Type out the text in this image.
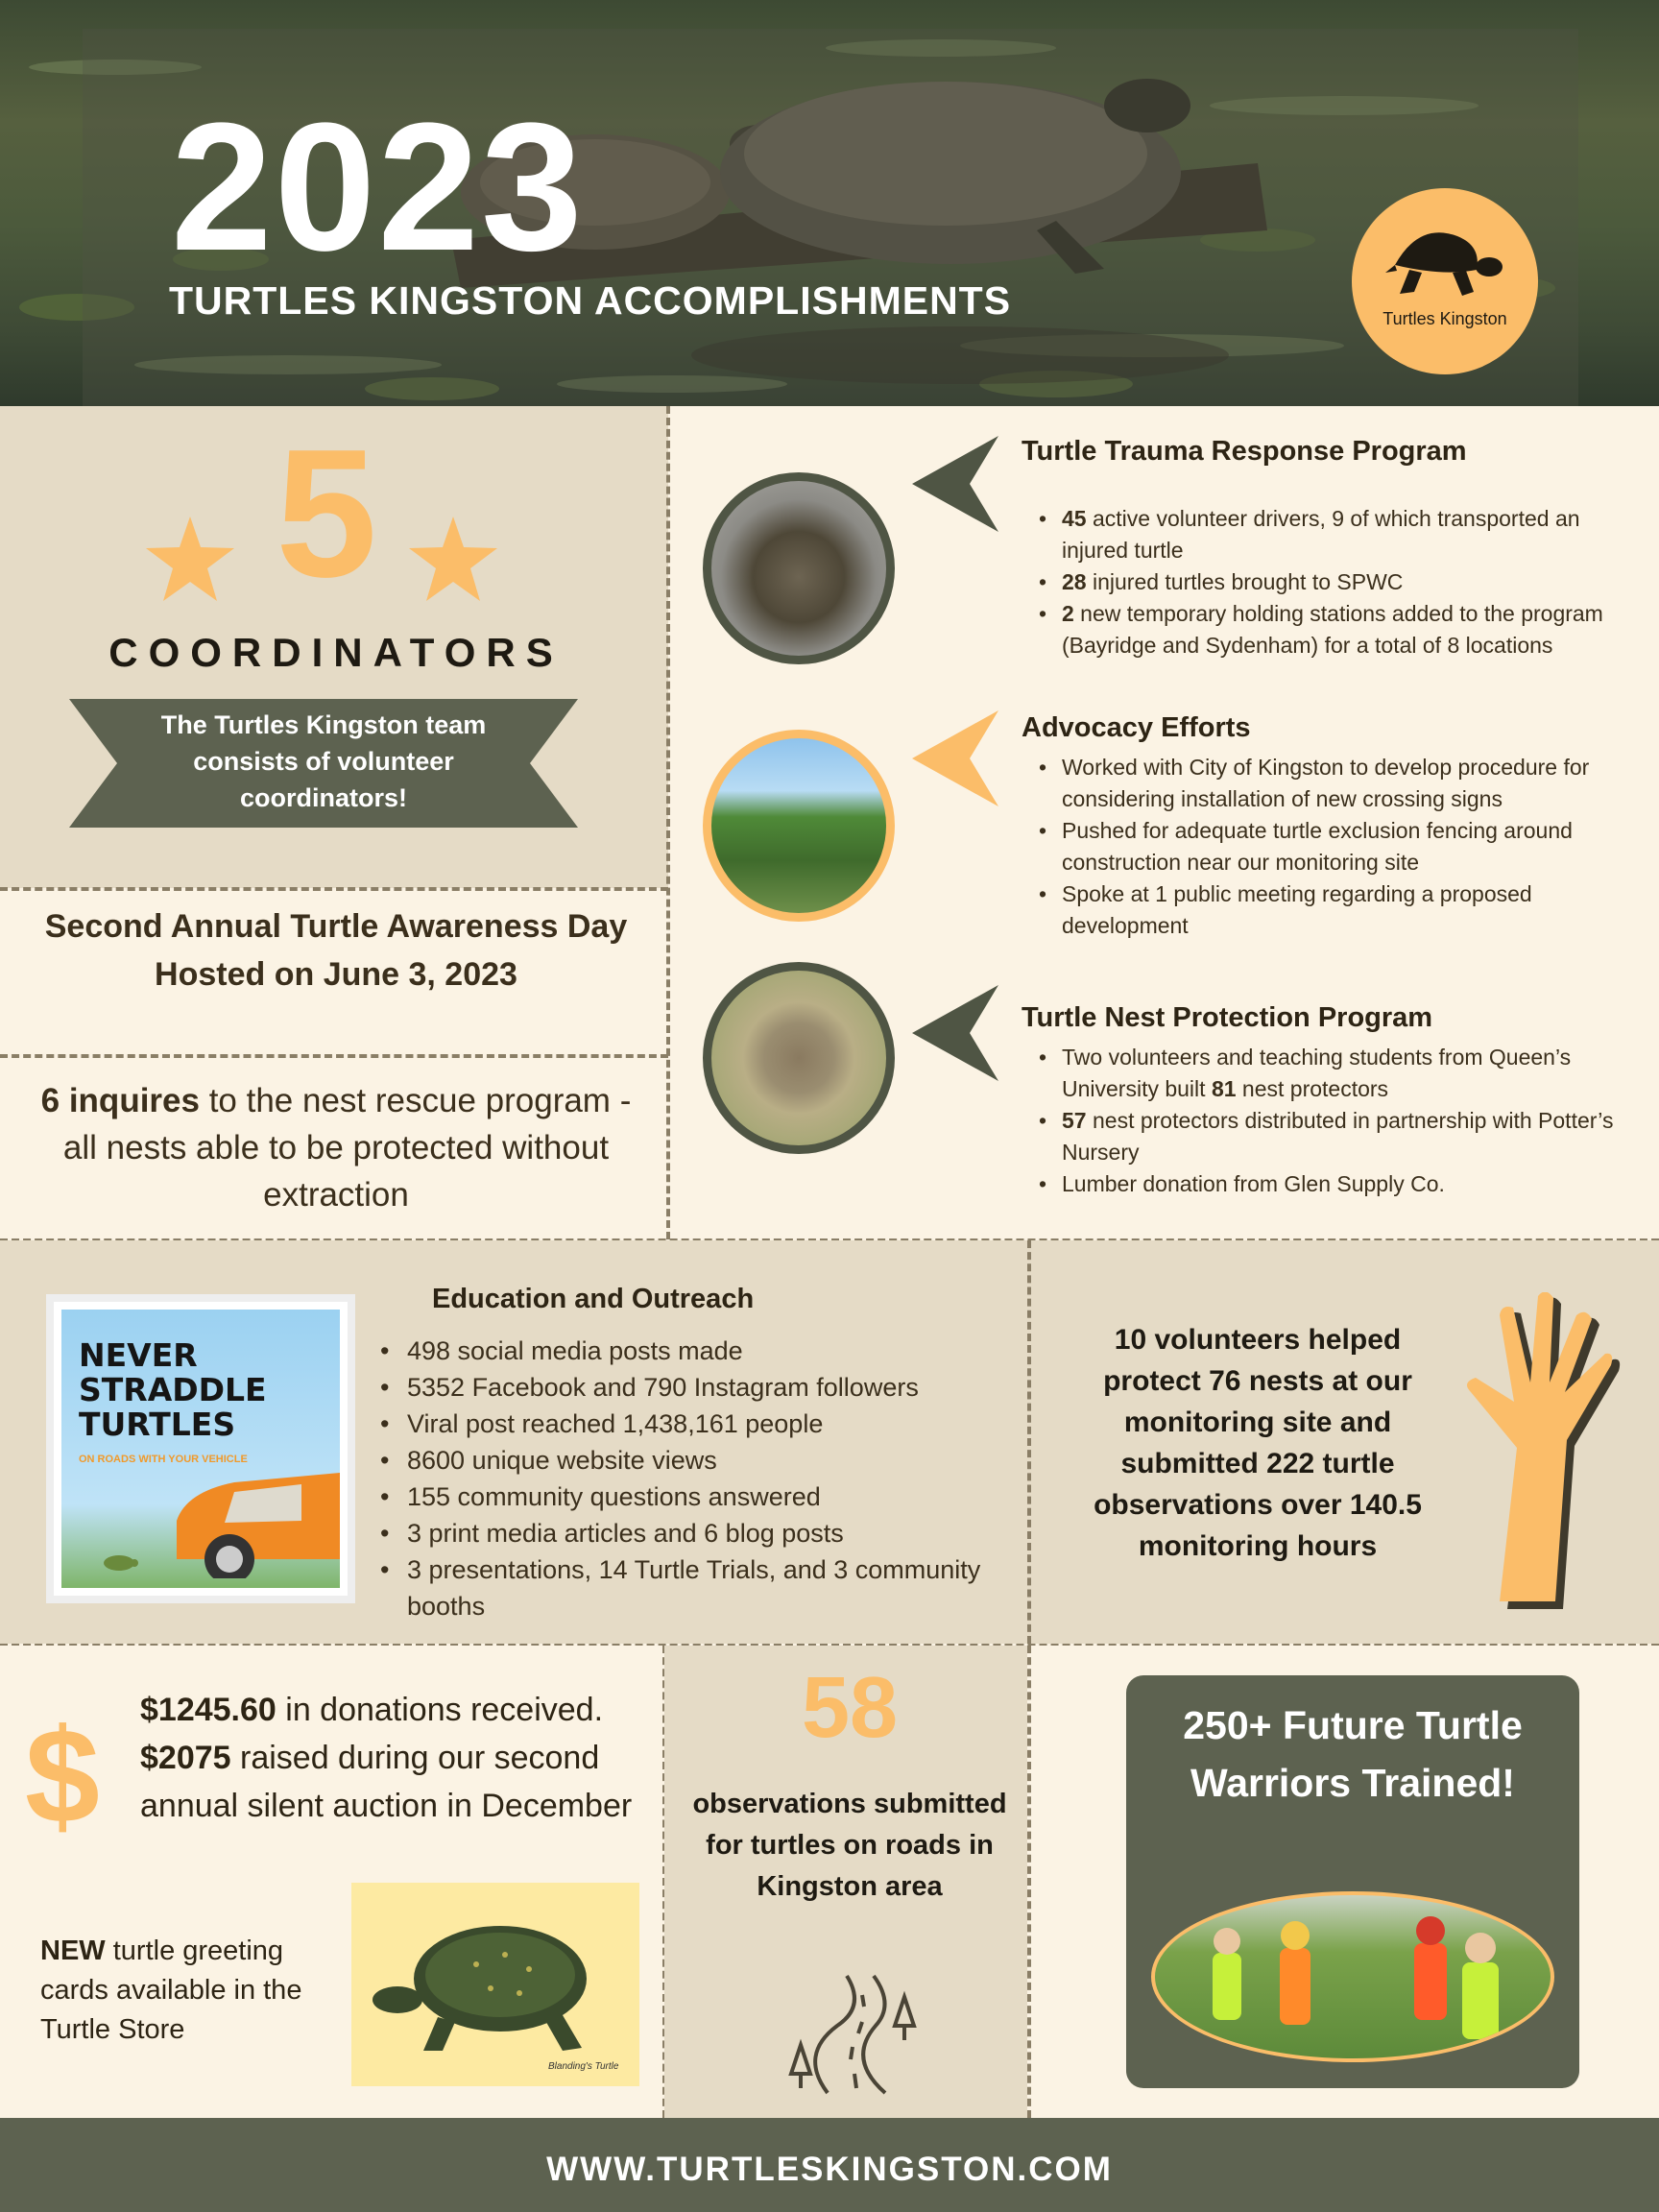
2023
TURTLES KINGSTON ACCOMPLISHMENTS	Turtles Kingston
5
COORDINATORS
The Turtles Kingston team consists of volunteer coordinators!
Second Annual Turtle Awareness Day Hosted on June 3, 2023
6 inquires to the nest rescue program - all nests able to be protected without extraction
Turtle Trauma Response Program
• 45 active volunteer drivers, 9 of which transported an injured turtle
• 28 injured turtles brought to SPWC
• 2 new temporary holding stations added to the program (Bayridge and Sydenham) for a total of 8 locations
Advocacy Efforts
• Worked with City of Kingston to develop procedure for considering installation of new crossing signs
• Pushed for adequate turtle exclusion fencing around construction near our monitoring site
• Spoke at 1 public meeting regarding a proposed development
Turtle Nest Protection Program
• Two volunteers and teaching students from Queen’s University built 81 nest protectors
• 57 nest protectors distributed in partnership with Potter’s Nursery
• Lumber donation from Glen Supply Co.
NEVER
STRADDLE
TURTLES
ON ROADS WITH YOUR VEHICLE
Education and Outreach
• 498 social media posts made
• 5352 Facebook and 790 Instagram followers
• Viral post reached 1,438,161 people
• 8600 unique website views
• 155 community questions answered
• 3 print media articles and 6 blog posts
• 3 presentations, 14 Turtle Trials, and 3 community booths
10 volunteers helped protect 76 nests at our monitoring site and submitted 222 turtle observations over 140.5 monitoring hours
$ $1245.60 in donations received. $2075 raised during our second annual silent auction in December
NEW turtle greeting cards available in the Turtle Store
Blanding's Turtle
58
observations submitted for turtles on roads in Kingston area
250+ Future Turtle Warriors Trained!
WWW.TURTLESKINGSTON.COM
